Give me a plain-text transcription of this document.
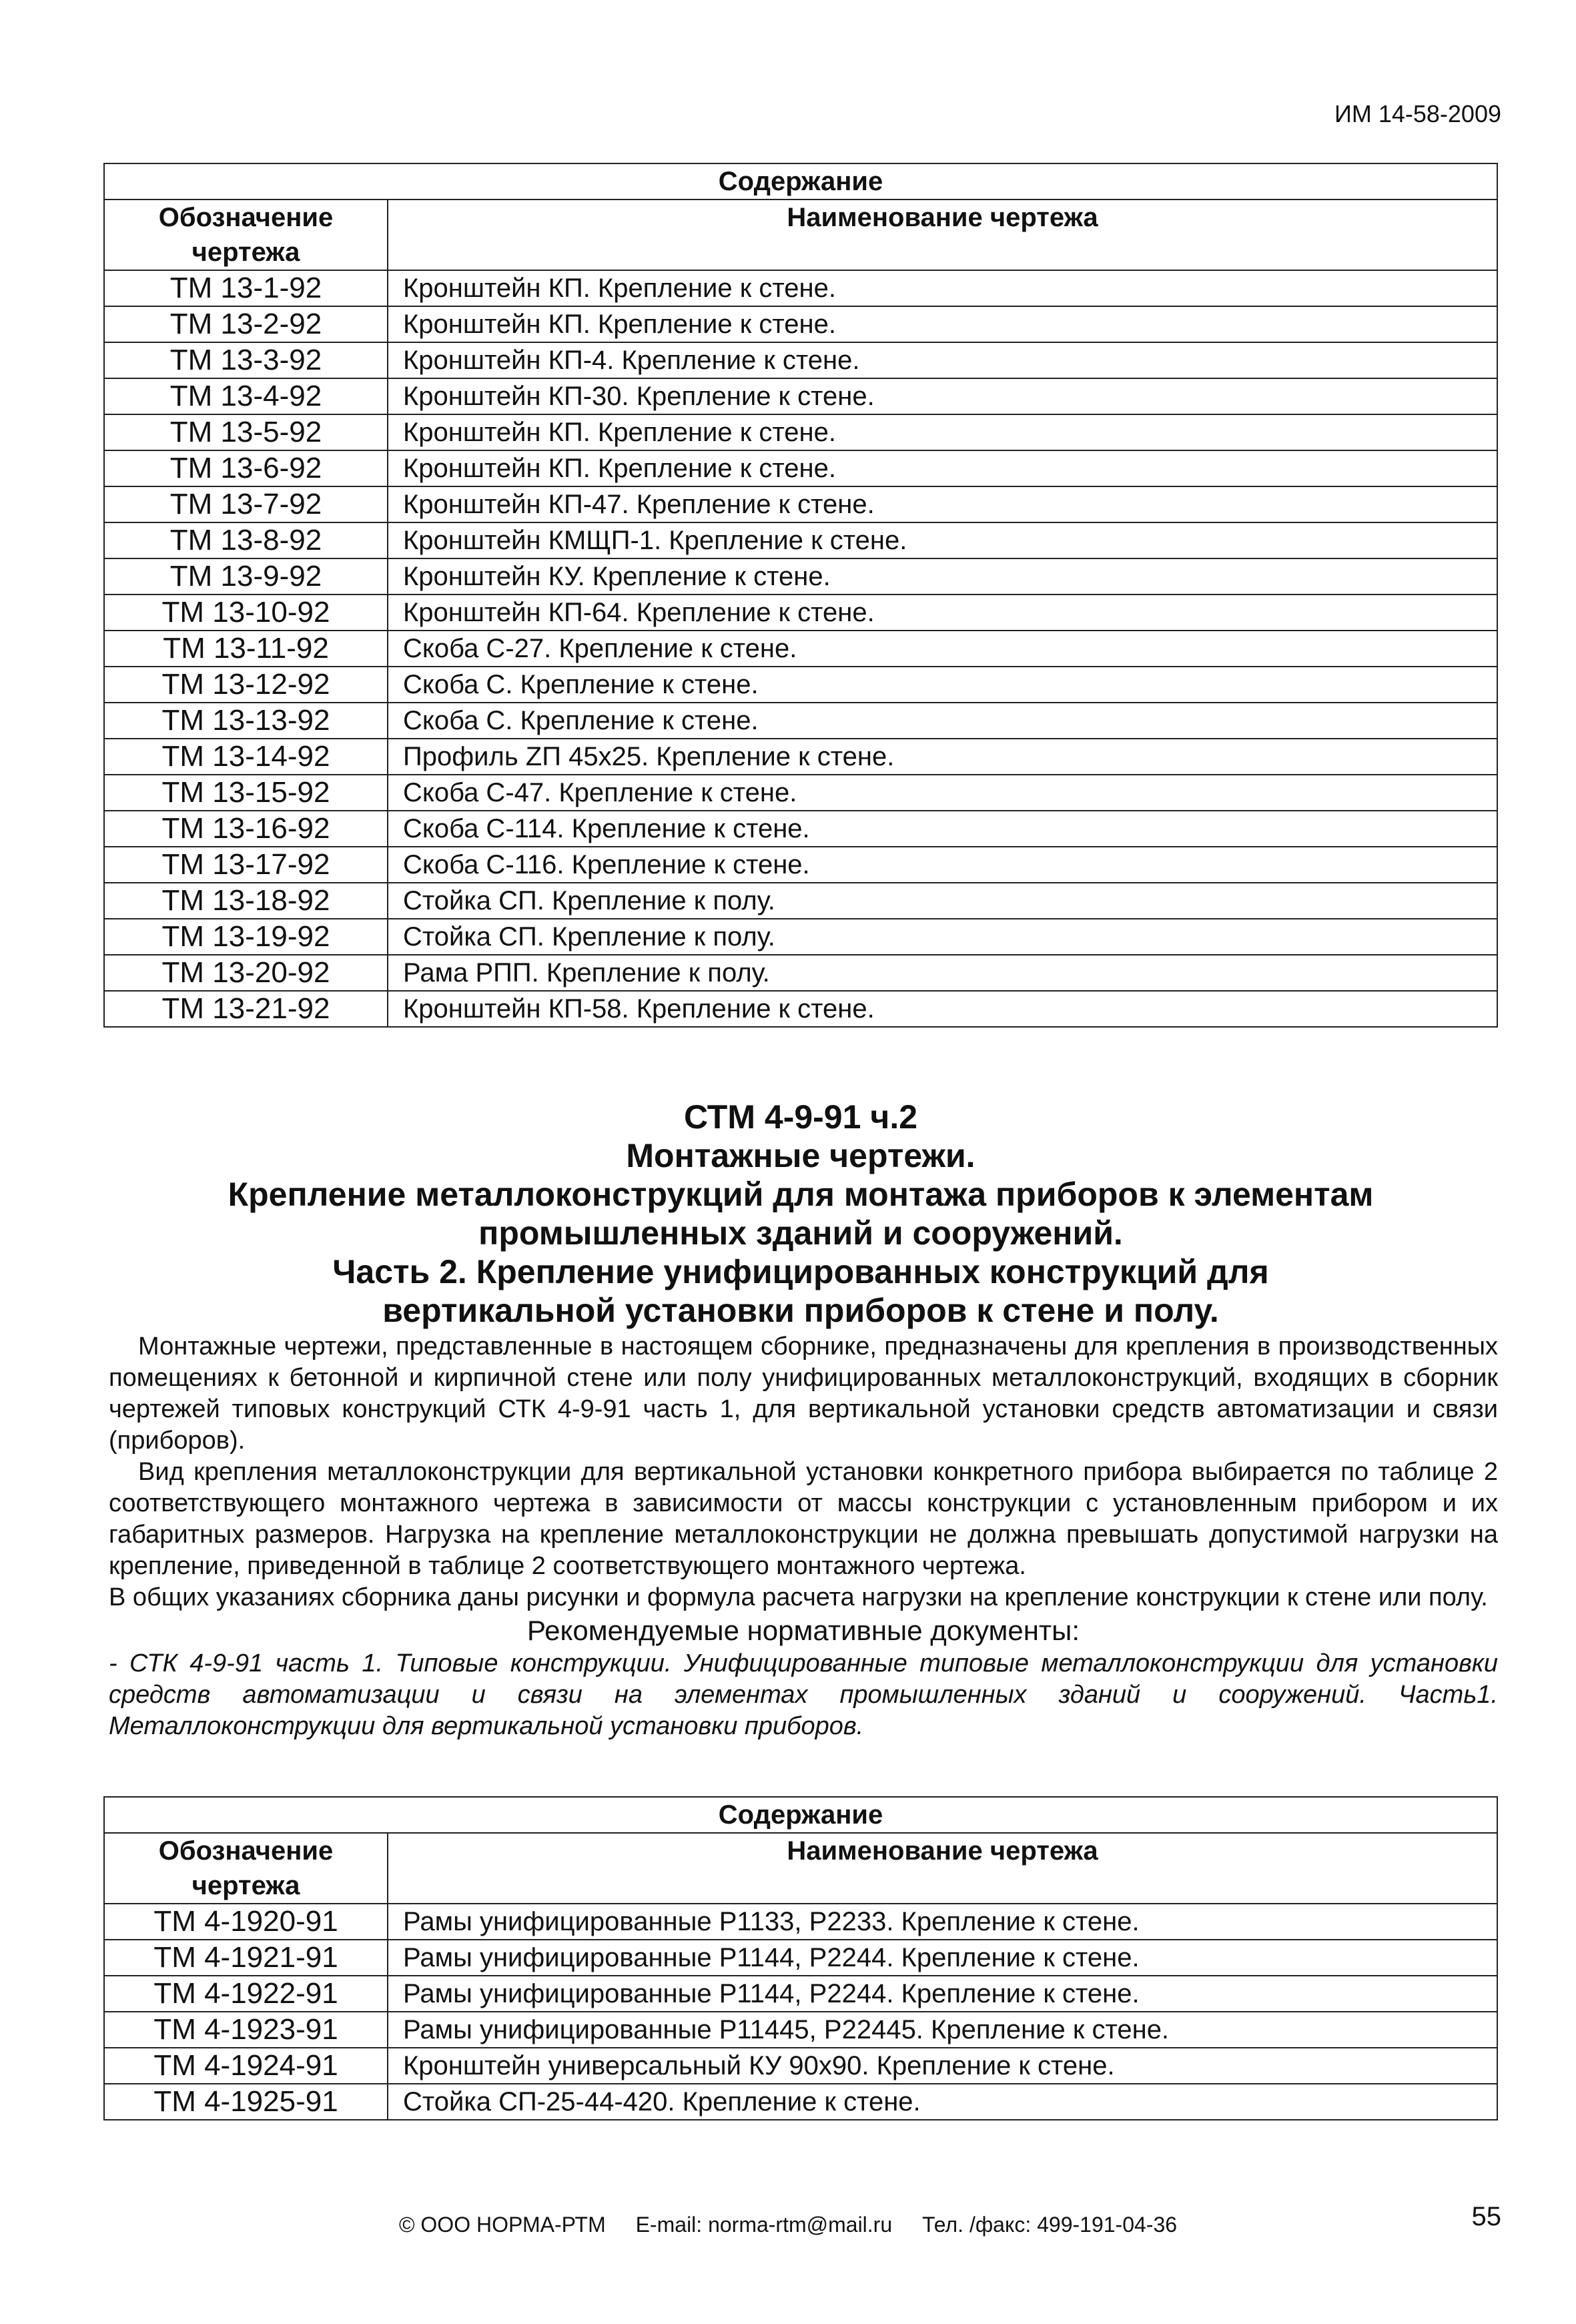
ИМ 14-58-2009
Содержание	
Обозначение чертежа	Наименование чертежа
ТМ 13-1-92	Кронштейн КП. Крепление к стене.
ТМ 13-2-92	Кронштейн КП. Крепление к стене.
ТМ 13-3-92	Кронштейн КП-4. Крепление к стене.
ТМ 13-4-92	Кронштейн КП-30. Крепление к стене.
ТМ 13-5-92	Кронштейн КП. Крепление к стене.
ТМ 13-6-92	Кронштейн КП. Крепление к стене.
ТМ 13-7-92	Кронштейн КП-47. Крепление к стене.
ТМ 13-8-92	Кронштейн КМЩП-1. Крепление к стене.
ТМ 13-9-92	Кронштейн КУ. Крепление к стене.
ТМ 13-10-92	Кронштейн КП-64. Крепление к стене.
ТМ 13-11-92	Скоба С-27. Крепление к стене.
ТМ 13-12-92	Скоба С. Крепление к стене.
ТМ 13-13-92	Скоба С. Крепление к стене.
ТМ 13-14-92	Профиль ZП 45x25. Крепление к стене.
ТМ 13-15-92	Скоба С-47. Крепление к стене.
ТМ 13-16-92	Скоба С-114. Крепление к стене.
ТМ 13-17-92	Скоба С-116. Крепление к стене.
ТМ 13-18-92	Стойка СП. Крепление к полу.
ТМ 13-19-92	Стойка СП. Крепление к полу.
ТМ 13-20-92	Рама РПП. Крепление к полу.
ТМ 13-21-92	Кронштейн КП-58. Крепление к стене.
СТМ 4-9-91 ч.2
Монтажные чертежи.
Крепление металлоконструкций для монтажа приборов к элементам
промышленных зданий и сооружений.
Часть 2. Крепление унифицированных конструкций для
вертикальной установки приборов к стене и полу.

Монтажные чертежи, представленные в настоящем сборнике, предназначены для крепления в производственных помещениях к бетонной и кирпичной стене или полу унифицированных металлоконструкций, входящих в сборник чертежей типовых конструкций СТК 4-9-91 часть 1, для вертикальной установки средств автоматизации и связи (приборов).

Вид крепления металлоконструкции для вертикальной установки конкретного прибора выбирается по таблице 2 соответствующего монтажного чертежа в зависимости от массы конструкции с установленным прибором и их габаритных размеров. Нагрузка на крепление металлоконструкции не должна превышать допустимой нагрузки на крепление, приведенной в таблице 2 соответствующего монтажного чертежа.

В общих указаниях сборника даны рисунки и формула расчета нагрузки на крепление конструкции к стене или полу.

Рекомендуемые нормативные документы:

- СТК 4-9-91 часть 1. Типовые конструкции. Унифицированные типовые металлоконструкции для установки средств автоматизации и связи на элементах промышленных зданий и сооружений. Часть1. Металлоконструкции для вертикальной установки приборов.

Содержание	
Обозначение чертежа	Наименование чертежа
ТМ 4-1920-91	Рамы унифицированные Р1133, Р2233. Крепление к стене.
ТМ 4-1921-91	Рамы унифицированные Р1144, Р2244. Крепление к стене.
ТМ 4-1922-91	Рамы унифицированные Р1144, Р2244. Крепление к стене.
ТМ 4-1923-91	Рамы унифицированные Р11445, Р22445. Крепление к стене.
ТМ 4-1924-91	Кронштейн универсальный КУ 90x90. Крепление к стене.
ТМ 4-1925-91	Стойка СП-25-44-420. Крепление к стене.
© ООО НОРМА-РТМ E-mail: norma-rtm@mail.ru Тел. /факс: 499-191-04-36	55
